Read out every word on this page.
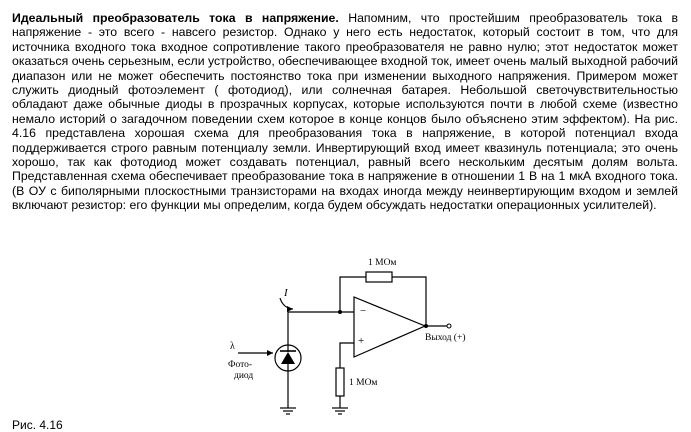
Идеальный преобразователь тока в напряжение. Напомним, что простейшим преобразователь тока в напряжение - это всего - навсего резистор. Однако у него есть недостаток, который состоит в том, что для источника входного тока входное сопротивление такого преобразователя не равно нулю; этот недостаток может оказаться очень серьезным, если устройство, обеспечивающее входной ток, имеет очень малый выходной рабочий диапазон или не может обеспечить постоянство тока при изменении выходного напряжения. Примером может служить диодный фотоэлемент ( фотодиод), или солнечная батарея. Небольшой светочувствительностью обладают даже обычные диоды в прозрачных корпусах, которые используются почти в любой схеме (известно немало историй о загадочном поведении схем которое в конце концов было объяснено этим эффектом). На рис. 4.16 представлена хорошая схема для преобразования тока в напряжение, в которой потенциал входа поддерживается строго равным потенциалу земли. Инвертирующий вход имеет квазинуль потенциала; это очень хорошо, так как фотодиод может создавать потенциал, равный всего нескольким десятым долям вольта. Представленная схема обеспечивает преобразование тока в напряжение в отношении 1 В на 1 мкА входного тока. (В ОУ с биполярными плоскостными транзисторами на входах иногда между неинвертирующим входом и землей включают резистор: его функции мы определим, когда будем обсуждать недостатки операционных усилителей).
1 МОм
I
−
+
λ
Фото-
диод
1 МОм
Выход (+)
Рис. 4.16
